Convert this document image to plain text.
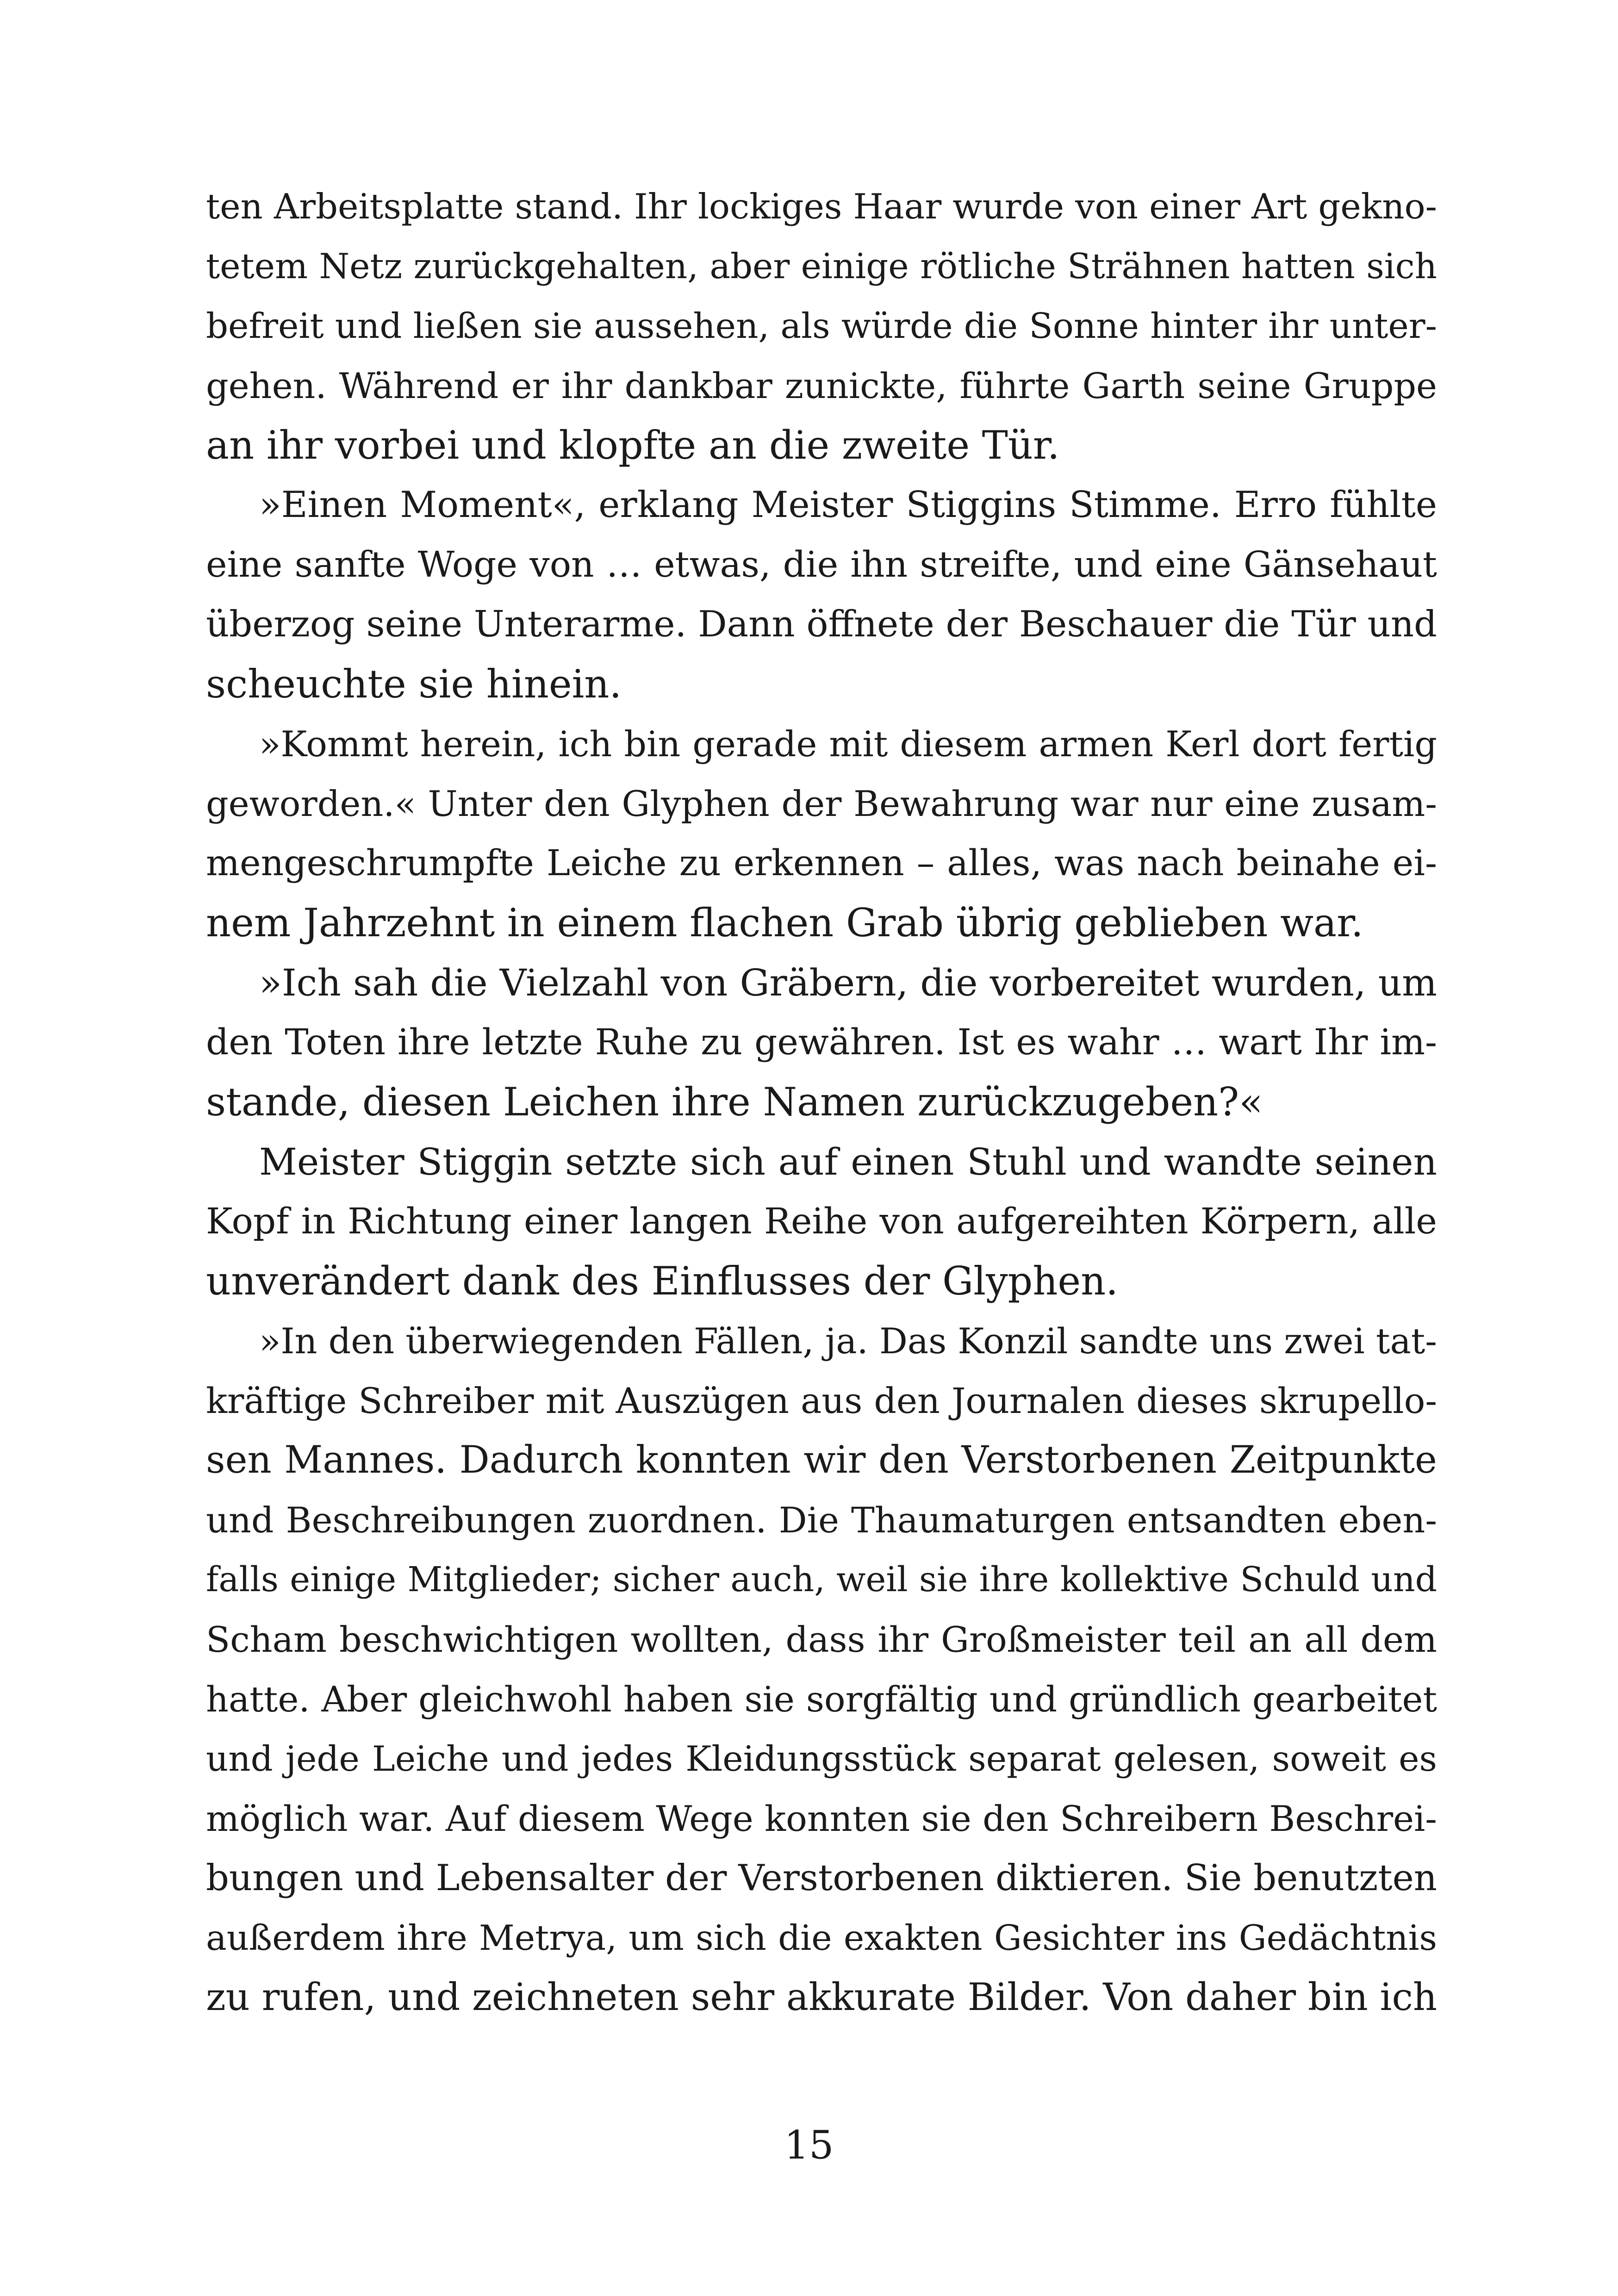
ten Arbeitsplatte stand. Ihr lockiges Haar wurde von einer Art gekno-
tetem Netz zurückgehalten, aber einige rötliche Strähnen hatten sich
befreit und ließen sie aussehen, als würde die Sonne hinter ihr unter-
gehen. Während er ihr dankbar zunickte, führte Garth seine Gruppe
an ihr vorbei und klopfte an die zweite Tür.
»Einen Moment«, erklang Meister Stiggins Stimme. Erro fühlte
eine sanfte Woge von … etwas, die ihn streifte, und eine Gänsehaut
überzog seine Unterarme. Dann öffnete der Beschauer die Tür und
scheuchte sie hinein.
»Kommt herein, ich bin gerade mit diesem armen Kerl dort fertig
geworden.« Unter den Glyphen der Bewahrung war nur eine zusam-
mengeschrumpfte Leiche zu erkennen – alles, was nach beinahe ei-
nem Jahrzehnt in einem flachen Grab übrig geblieben war.
»Ich sah die Vielzahl von Gräbern, die vorbereitet wurden, um
den Toten ihre letzte Ruhe zu gewähren. Ist es wahr … wart Ihr im-
stande, diesen Leichen ihre Namen zurückzugeben?«
Meister Stiggin setzte sich auf einen Stuhl und wandte seinen
Kopf in Richtung einer langen Reihe von aufgereihten Körpern, alle
unverändert dank des Einflusses der Glyphen.
»In den überwiegenden Fällen, ja. Das Konzil sandte uns zwei tat-
kräftige Schreiber mit Auszügen aus den Journalen dieses skrupello-
sen Mannes. Dadurch konnten wir den Verstorbenen Zeitpunkte
und Beschreibungen zuordnen. Die Thaumaturgen entsandten eben-
falls einige Mitglieder; sicher auch, weil sie ihre kollektive Schuld und
Scham beschwichtigen wollten, dass ihr Großmeister teil an all dem
hatte. Aber gleichwohl haben sie sorgfältig und gründlich gearbeitet
und jede Leiche und jedes Kleidungsstück separat gelesen, soweit es
möglich war. Auf diesem Wege konnten sie den Schreibern Beschrei-
bungen und Lebensalter der Verstorbenen diktieren. Sie benutzten
außerdem ihre Metrya, um sich die exakten Gesichter ins Gedächtnis
zu rufen, und zeichneten sehr akkurate Bilder. Von daher bin ich
15
